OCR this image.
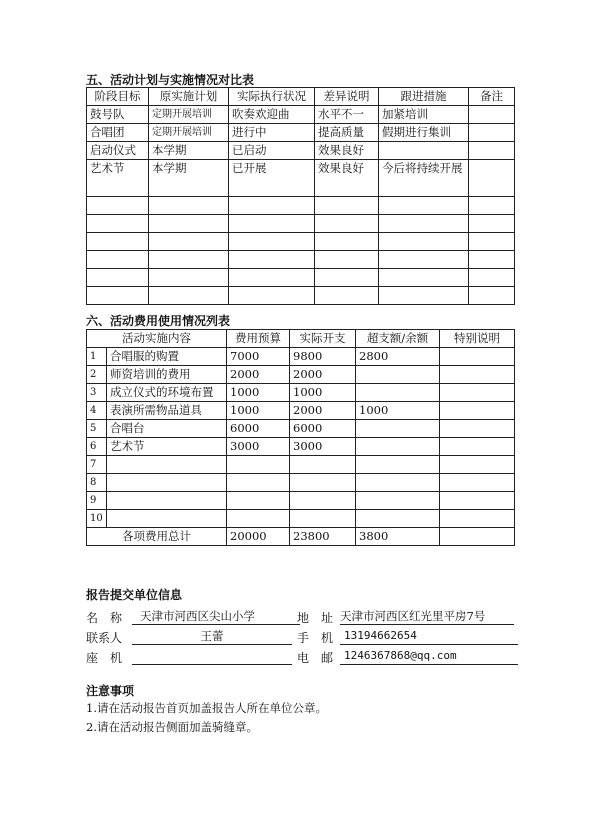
五、活动计划与实施情况对比表
阶段目标	原实施计划	实际执行状况	差异说明	跟进措施	备注
鼓号队	定期开展培训	吹奏欢迎曲	水平不一	加紧培训	
合唱团	定期开展培训	进行中	提高质量	假期进行集训	
启动仪式	本学期	已启动	效果良好		
艺术节	本学期	已开展	效果良好	今后将持续开展	

六、活动费用使用情况列表
活动实施内容		费用预算	实际开支	超支额/余额	特别说明
1	合唱服的购置	7000	9800	2800	
2	师资培训的费用	2000	2000		
3	成立仪式的环境布置	1000	1000		
4	表演所需物品道具	1000	2000	1000	
5	合唱台	6000	6000		
6	艺术节	3000	3000		
7					
8					
9					
10					
各项费用总计		20000	23800	3800	
报告提交单位信息
名　称	天津市河西区尖山小学	地　址 天津市河西区红光里平房7号
联系人	王蕾	手　机 13194662654
座　机	电　邮 1246367868@qq.com
注意事项
1.请在活动报告首页加盖报告人所在单位公章。
2.请在活动报告侧面加盖骑缝章。
